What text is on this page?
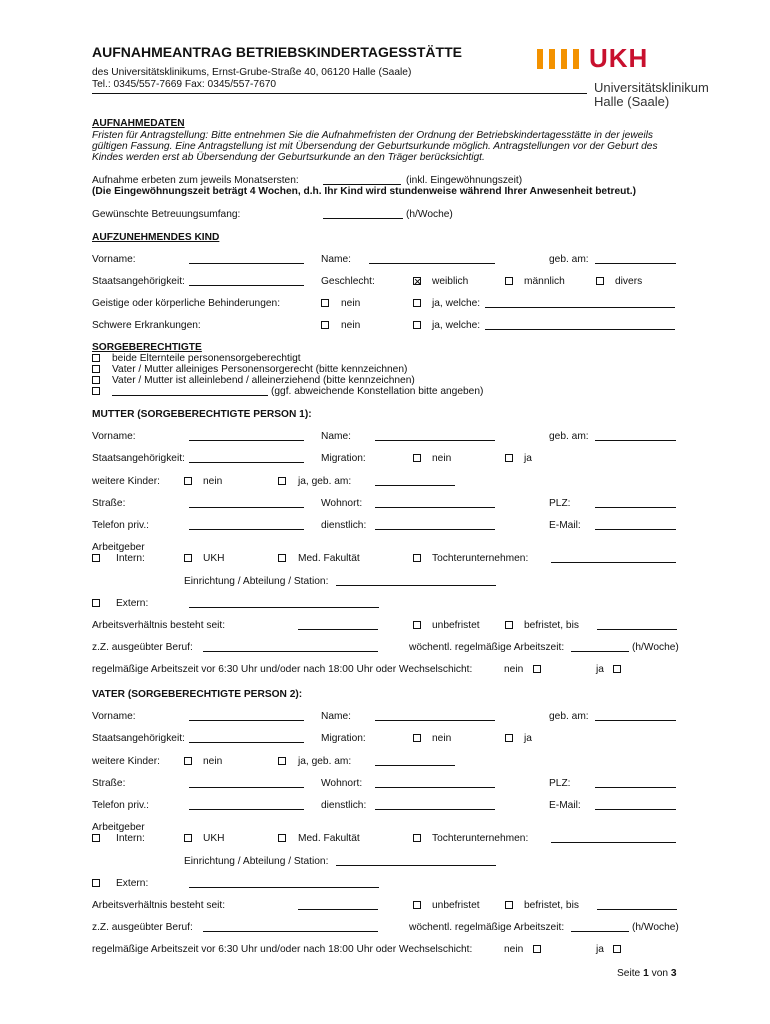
AUFNAHMEANTRAG BETRIEBSKINDERTAGESSTÄTTE
des Universitätsklinikums, Ernst-Grube-Straße 40, 06120 Halle (Saale)
Tel.: 0345/557-7669 Fax: 0345/557-7670
UKH
Universitätsklinikum
Halle (Saale)
AUFNAHMEDATEN
Fristen für Antragstellung: Bitte entnehmen Sie die Aufnahmefristen der Ordnung der Betriebskindertagesstätte in der jeweils
gültigen Fassung. Eine Antragstellung ist mit Übersendung der Geburtsurkunde möglich. Antragstellungen vor der Geburt des
Kindes werden erst ab Übersendung der Geburtsurkunde an den Träger berücksichtigt.
Aufnahme erbeten zum jeweils Monatsersten:	(inkl. Eingewöhnungszeit)
(Die Eingewöhnungszeit beträgt 4 Wochen, d.h. Ihr Kind wird stundenweise während Ihrer Anwesenheit betreut.)
Gewünschte Betreuungsumfang:	(h/Woche)
AUFZUNEHMENDES KIND
Vorname:	Name:	geb. am:
Staatsangehörigkeit:	Geschlecht:	weiblich	männlich	divers
Geistige oder körperliche Behinderungen:	nein	ja, welche:
Schwere Erkrankungen:	nein	ja, welche:
SORGEBERECHTIGTE
beide Elternteile personensorgeberechtigt
Vater / Mutter alleiniges Personensorgerecht (bitte kennzeichnen)
Vater / Mutter ist alleinlebend / alleinerziehend (bitte kennzeichnen)
(ggf. abweichende Konstellation bitte angeben)
MUTTER (SORGEBERECHTIGTE PERSON 1):
Vorname:	Name:	geb. am:
Staatsangehörigkeit:	Migration:	nein	ja
weitere Kinder:	nein	ja, geb. am:
Straße:	Wohnort:	PLZ:
Telefon priv.:	dienstlich:	E-Mail:
Arbeitgeber
Intern:	UKH	Med. Fakultät	Tochterunternehmen:
Einrichtung / Abteilung / Station:
Extern:
Arbeitsverhältnis besteht seit:	unbefristet	befristet, bis
z.Z. ausgeübter Beruf:	wöchentl. regelmäßige Arbeitszeit:	(h/Woche)
regelmäßige Arbeitszeit vor 6:30 Uhr und/oder nach 18:00 Uhr oder Wechselschicht:	nein	ja
VATER (SORGEBERECHTIGTE PERSON 2):
Vorname:	Name:	geb. am:
Staatsangehörigkeit:	Migration:	nein	ja
weitere Kinder:	nein	ja, geb. am:
Straße:	Wohnort:	PLZ:
Telefon priv.:	dienstlich:	E-Mail:
Arbeitgeber
Intern:	UKH	Med. Fakultät	Tochterunternehmen:
Einrichtung / Abteilung / Station:
Extern:
Arbeitsverhältnis besteht seit:	unbefristet	befristet, bis
z.Z. ausgeübter Beruf:	wöchentl. regelmäßige Arbeitszeit:	(h/Woche)
regelmäßige Arbeitszeit vor 6:30 Uhr und/oder nach 18:00 Uhr oder Wechselschicht:	nein	ja
Seite 1 von 3
